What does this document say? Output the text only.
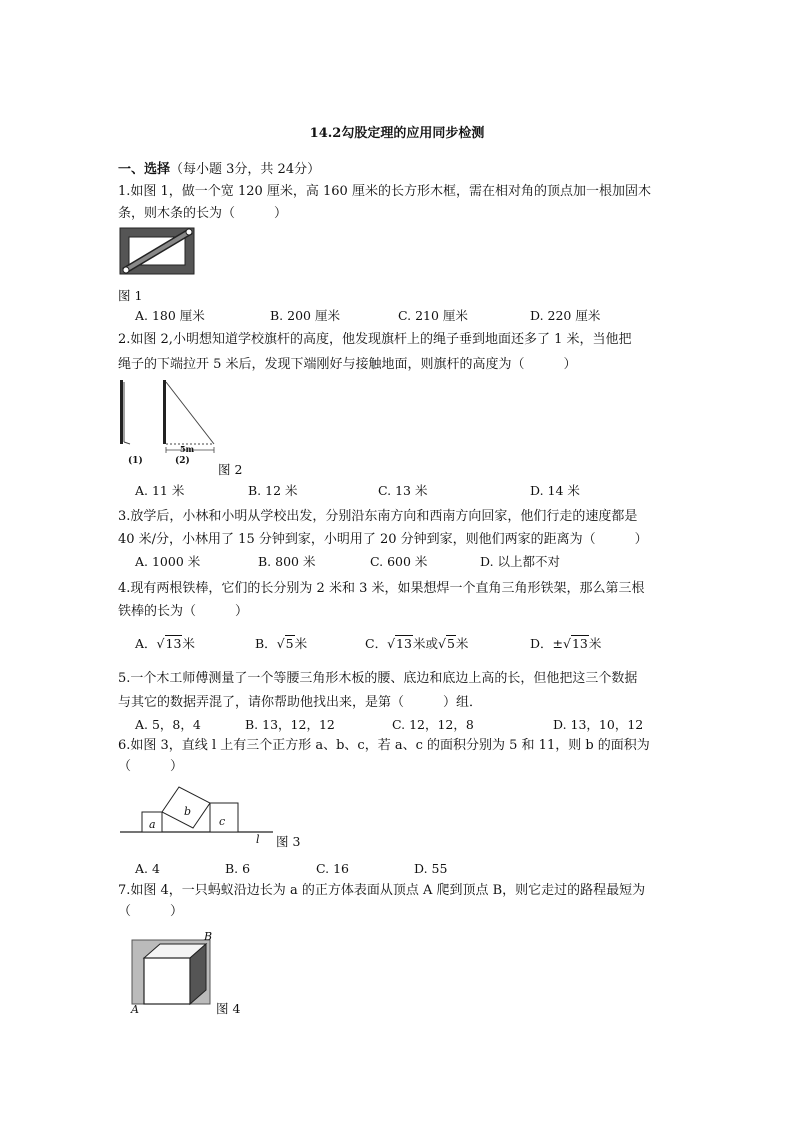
14.2勾股定理的应用同步检测
一、选择（每小题 3分，共 24分）
1.如图 1，做一个宽 120 厘米，高 160 厘米的长方形木框，需在相对角的顶点加一根加固木
条，则木条的长为（　　　）
图 1
A. 180 厘米	B. 200 厘米	C. 210 厘米	D. 220 厘米
2.如图 2,小明想知道学校旗杆的高度，他发现旗杆上的绳子垂到地面还多了 1 米，当他把
绳子的下端拉开 5 米后，发现下端刚好与接触地面，则旗杆的高度为（　　　）
(1)	(2)
5m
图 2
A. 11 米	B. 12 米	C. 13 米	D. 14 米
3.放学后，小林和小明从学校出发，分别沿东南方向和西南方向回家，他们行走的速度都是
40 米/分，小林用了 15 分钟到家，小明用了 20 分钟到家，则他们两家的距离为（　　　）
A. 1000 米	B. 800 米	C. 600 米	D. 以上都不对
4.现有两根铁棒，它们的长分别为 2 米和 3 米，如果想焊一个直角三角形铁架，那么第三根
铁棒的长为（　　　）
A．√13米	B．√5米	C．√13米或√5米	D．±√13米
5.一个木工师傅测量了一个等腰三角形木板的腰、底边和底边上高的长，但他把这三个数据
与其它的数据弄混了，请你帮助他找出来，是第（　　　）组．
A. 5，8，4	B. 13，12，12	C. 12，12，8	D. 13，10，12
6.如图 3，直线 l 上有三个正方形 a、b、c，若 a、c 的面积分别为 5 和 11，则 b 的面积为
（　　　）
a
b
c
l 图 3
A. 4	B. 6	C. 16	D. 55
7.如图 4，一只蚂蚁沿边长为 a 的正方体表面从顶点 A 爬到顶点 B，则它走过的路程最短为
（　　　）
B
A	图 4
